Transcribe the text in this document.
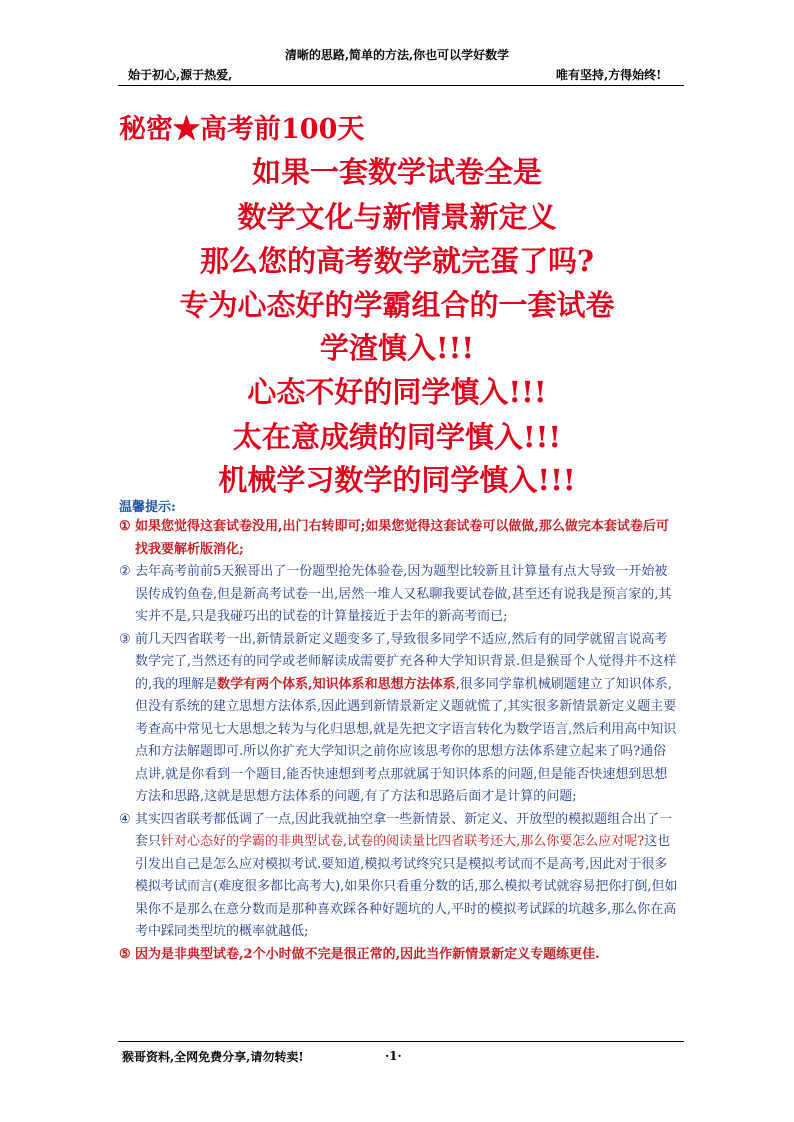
清晰的思路,简单的方法,你也可以学好数学
始于初心,源于热爱,	唯有坚持,方得始终!
秘密★高考前100天
如果一套数学试卷全是
数学文化与新情景新定义
那么您的高考数学就完蛋了吗?
专为心态好的学霸组合的一套试卷
学渣慎入!!!
心态不好的同学慎入!!!
太在意成绩的同学慎入!!!
机械学习数学的同学慎入!!!
温馨提示:
① 如果您觉得这套试卷没用,出门右转即可;如果您觉得这套试卷可以做做,那么做完本套试卷后可找我要解析版消化;
② 去年高考前前5天猴哥出了一份题型抢先体验卷,因为题型比较新且计算量有点大导致一开始被误传成钓鱼卷,但是新高考试卷一出,居然一堆人又私聊我要试卷做,甚至还有说我是预言家的,其实并不是,只是我碰巧出的试卷的计算量接近于去年的新高考而已;
③ 前几天四省联考一出,新情景新定义题变多了,导致很多同学不适应,然后有的同学就留言说高考数学完了,当然还有的同学或老师解读成需要扩充各种大学知识背景.但是猴哥个人觉得并不这样的,我的理解是数学有两个体系,知识体系和思想方法体系,很多同学靠机械刷题建立了知识体系,但没有系统的建立思想方法体系,因此遇到新情景新定义题就慌了,其实很多新情景新定义题主要考查高中常见七大思想之转为与化归思想,就是先把文字语言转化为数学语言,然后利用高中知识点和方法解题即可.所以你扩充大学知识之前你应该思考你的思想方法体系建立起来了吗?通俗点讲,就是你看到一个题目,能否快速想到考点那就属于知识体系的问题,但是能否快速想到思想方法和思路,这就是思想方法体系的问题,有了方法和思路后面才是计算的问题;
④ 其实四省联考都低调了一点,因此我就抽空拿一些新情景、新定义、开放型的模拟题组合出了一套只针对心态好的学霸的非典型试卷,试卷的阅读量比四省联考还大,那么你要怎么应对呢?这也引发出自己是怎么应对模拟考试.要知道,模拟考试终究只是模拟考试而不是高考,因此对于很多模拟考试而言(难度很多都比高考大),如果你只看重分数的话,那么模拟考试就容易把你打倒,但如果你不是那么在意分数而是那种喜欢踩各种好题坑的人,平时的模拟考试踩的坑越多,那么你在高考中踩同类型坑的概率就越低;
⑤ 因为是非典型试卷,2个小时做不完是很正常的,因此当作新情景新定义专题练更佳.
猴哥资料,全网免费分享,请勿转卖!	·1·
